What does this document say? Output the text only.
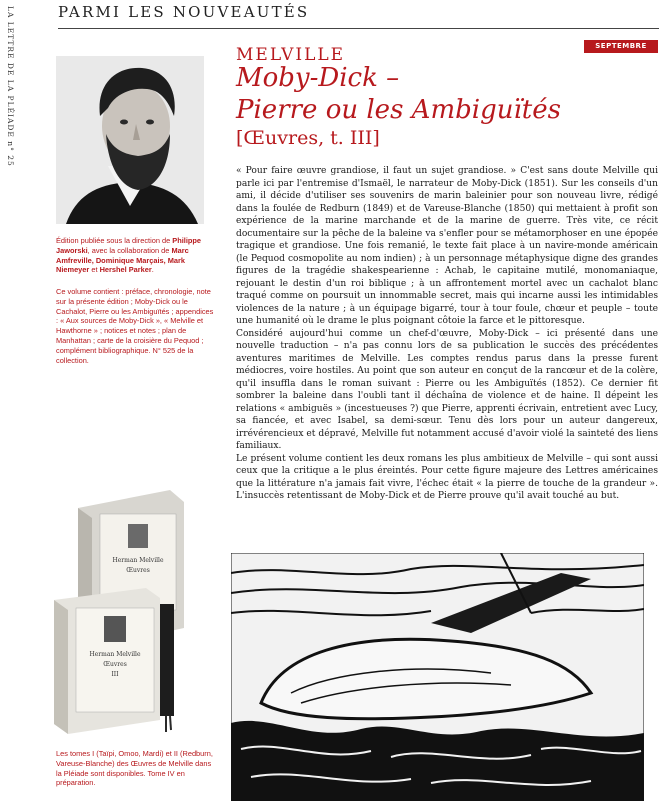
LA LETTRE DE LA PLÉIADE n° 25	PARMI LES NOUVEAUTÉS
SEPTEMBRE
MELVILLE
Moby-Dick –
Pierre ou les Ambiguïtés
[Œuvres, t. III]

Édition publiée sous la direction de Philippe Jaworski, avec la collaboration de Marc Amfreville, Dominique Marçais, Mark Niemeyer et Hershel Parker.

Ce volume contient : préface, chronologie, note sur la présente édition ; Moby-Dick ou le Cachalot, Pierre ou les Ambiguïtés ; appendices : « Aux sources de Moby-Dick », « Melville et Hawthorne » ; notices et notes ; plan de Manhattan ; carte de la croisière du Pequod ; complément bibliographique. N° 525 de la collection.

« Pour faire œuvre grandiose, il faut un sujet grandiose. » C'est sans doute Melville qui parle ici par l'entremise d'Ismaël, le narrateur de Moby-Dick (1851). Sur les conseils d'un ami, il décide d'utiliser ses souvenirs de marin baleinier pour son nouveau livre, rédigé dans la foulée de Redburn (1849) et de Vareuse-Blanche (1850) qui mettaient à profit son expérience de la marine marchande et de la marine de guerre. Très vite, ce récit documentaire sur la pêche de la baleine va s'enfler pour se métamorphoser en une épopée tragique et grandiose. Une fois remanié, le texte fait place à un navire-monde américain (le Pequod cosmopolite au nom indien) ; à un personnage métaphysique digne des grandes figures de la tragédie shakespearienne : Achab, le capitaine mutilé, monomaniaque, rejouant le destin d'un roi biblique ; à un affrontement mortel avec un cachalot blanc traqué comme on poursuit un innommable secret, mais qui incarne aussi les intimidables violences de la nature ; à un équipage bigarré, tour à tour foule, chœur et peuple – toute une humanité où le drame le plus poignant côtoie la farce et le pittoresque.

Considéré aujourd'hui comme un chef-d'œuvre, Moby-Dick – ici présenté dans une nouvelle traduction – n'a pas connu lors de sa publication le succès des précédentes aventures maritimes de Melville. Les comptes rendus parus dans la presse furent médiocres, voire hostiles. Au point que son auteur en conçut de la rancœur et de la colère, qu'il insuffla dans le roman suivant : Pierre ou les Ambiguïtés (1852). Ce dernier fit sombrer la baleine dans l'oubli tant il déchaîna de violence et de haine. Il dépeint les relations « ambiguës » (incestueuses ?) que Pierre, apprenti écrivain, entretient avec Lucy, sa fiancée, et avec Isabel, sa demi-sœur. Tenu dès lors pour un auteur dangereux, irrévérencieux et dépravé, Melville fut notamment accusé d'avoir violé la sainteté des liens familiaux.

Le présent volume contient les deux romans les plus ambitieux de Melville – qui sont aussi ceux que la critique a le plus éreintés. Pour cette figure majeure des Lettres américaines que la littérature n'a jamais fait vivre, l'échec était « la pierre de touche de la grandeur ». L'insuccès retentissant de Moby-Dick et de Pierre prouve qu'il avait touché au but.

Herman Melville
Œuvres
Herman Melville
Œuvres
III

Les tomes I (Taïpi, Omoo, Mardi) et II (Redburn, Vareuse-Blanche) des Œuvres de Melville dans la Pléiade sont disponibles. Tome IV en préparation.
